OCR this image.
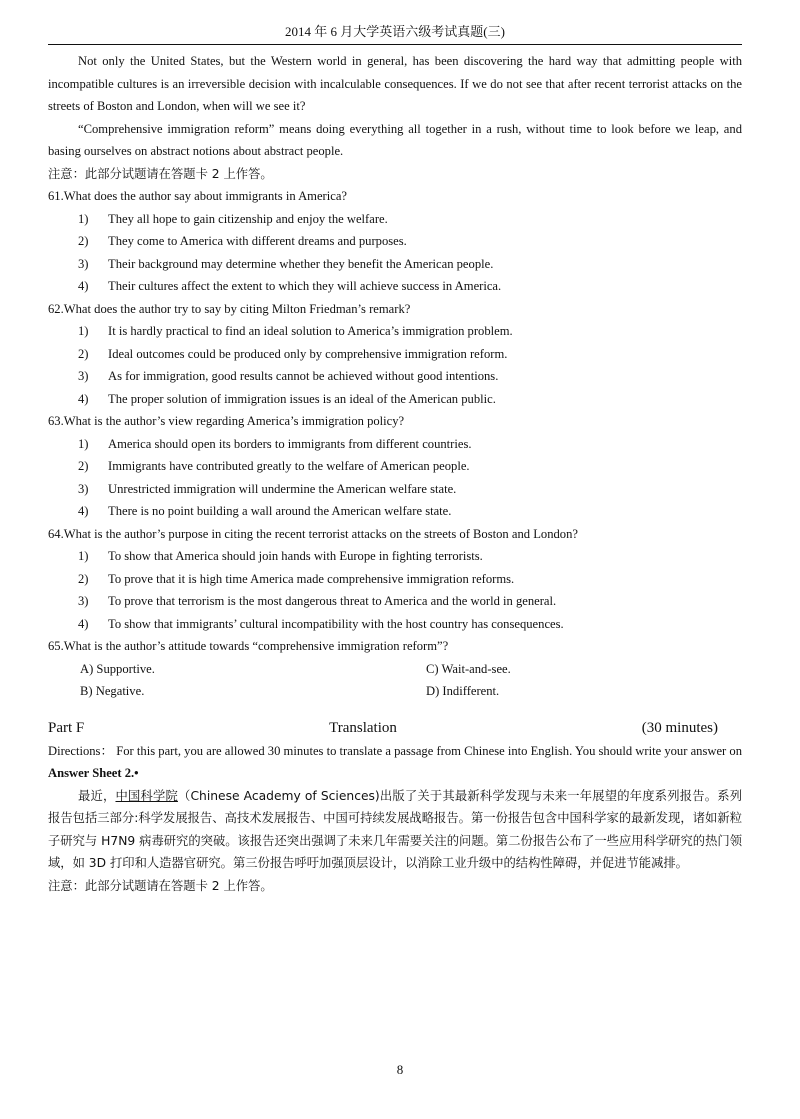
2014 年 6 月大学英语六级考试真题(三)

Not only the United States, but the Western world in general, has been discovering the hard way that admitting people with incompatible cultures is an irreversible decision with incalculable consequences. If we do not see that after recent terrorist attacks on the streets of Boston and London, when will we see it?

“Comprehensive immigration reform” means doing everything all together in a rush, without time to look before we leap, and basing ourselves on abstract notions about abstract people.

注意：此部分试题请在答题卡 2 上作答。

61.What does the author say about immigrants in America?

1)	They all hope to gain citizenship and enjoy the welfare.
2)	They come to America with different dreams and purposes.
3)	Their background may determine whether they benefit the American people.
4)	Their cultures affect the extent to which they will achieve success in America.

62.What does the author try to say by citing Milton Friedman’s remark?

1)	It is hardly practical to find an ideal solution to America’s immigration problem.
2)	Ideal outcomes could be produced only by comprehensive immigration reform.
3)	As for immigration, good results cannot be achieved without good intentions.
4)	The proper solution of immigration issues is an ideal of the American public.

63.What is the author’s view regarding America’s immigration policy?

1)	America should open its borders to immigrants from different countries.
2)	Immigrants have contributed greatly to the welfare of American people.
3)	Unrestricted immigration will undermine the American welfare state.
4)	There is no point building a wall around the American welfare state.

64.What is the author’s purpose in citing the recent terrorist attacks on the streets of Boston and London?

1)	To show that America should join hands with Europe in fighting terrorists.
2)	To prove that it is high time America made comprehensive immigration reforms.
3)	To prove that terrorism is the most dangerous threat to America and the world in general.
4)	To show that immigrants’ cultural incompatibility with the host country has consequences.

65.What is the author’s attitude towards “comprehensive immigration reform”?

A) Supportive.	C) Wait-and-see.
B) Negative.	D) Indifferent.
Part F	Translation	(30 minutes)

Directions： For this part, you are allowed 30 minutes to translate a passage from Chinese into English. You should write your answer on Answer Sheet 2.•

最近，中国科学院（Chinese Academy of Sciences)出版了关于其最新科学发现与未来一年展望的年度系列报告。系列报告包括三部分:科学发展报告、高技术发展报告、中国可持续发展战略报告。第一份报告包含中国科学家的最新发现，诸如新粒子研究与 H7N9 病毒研究的突破。该报告还突出强调了未来几年需要关注的问题。第二份报告公布了一些应用科学研究的热门领域，如 3D 打印和人造器官研究。第三份报告呼吁加强顶层设计，以消除工业升级中的结构性障碍，并促进节能减排。

注意：此部分试题请在答题卡 2 上作答。

8
